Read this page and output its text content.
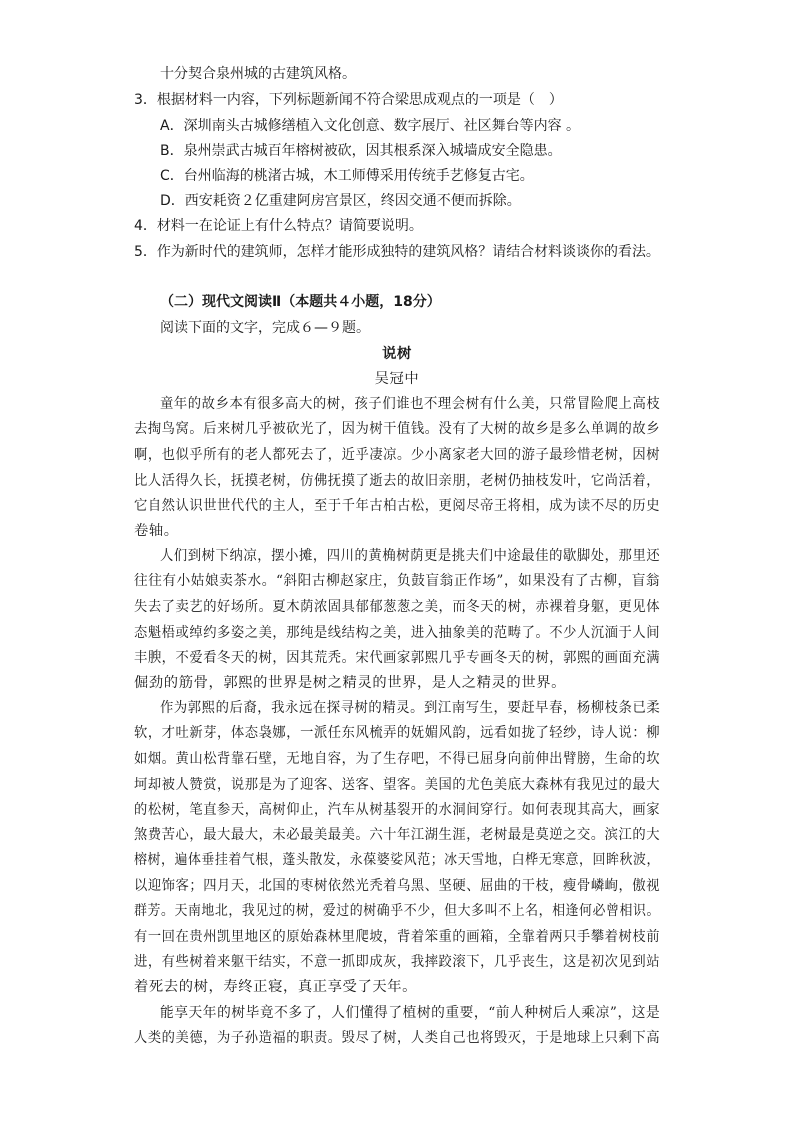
十分契合泉州城的古建筑风格。
3．根据材料一内容，下列标题新闻不符合梁思成观点的一项是（　）
A．深圳南头古城修缮植入文化创意、数字展厅、社区舞台等内容 。
B．泉州崇武古城百年榕树被砍，因其根系深入城墙成安全隐患。
C．台州临海的桃渚古城，木工师傅采用传统手艺修复古宅。
D．西安耗资２亿重建阿房宫景区，终因交通不便而拆除。
4．材料一在论证上有什么特点？请简要说明。
5．作为新时代的建筑师，怎样才能形成独特的建筑风格？请结合材料谈谈你的看法。
（二）现代文阅读Ⅱ（本题共４小题，18分）
阅读下面的文字，完成６—９题。
说树
吴冠中
童年的故乡本有很多高大的树，孩子们谁也不理会树有什么美，只常冒险爬上高枝
去掏鸟窝。后来树几乎被砍光了，因为树干值钱。没有了大树的故乡是多么单调的故乡
啊，也似乎所有的老人都死去了，近乎凄凉。少小离家老大回的游子最珍惜老树，因树
比人活得久长，抚摸老树，仿佛抚摸了逝去的故旧亲朋，老树仍抽枝发叶，它尚活着，
它自然认识世世代代的主人，至于千年古柏古松，更阅尽帝王将相，成为读不尽的历史
卷轴。
人们到树下纳凉，摆小摊，四川的黄桷树荫更是挑夫们中途最佳的歇脚处，那里还
往往有小姑娘卖茶水。“斜阳古柳赵家庄，负鼓盲翁正作场”，如果没有了古柳，盲翁
失去了卖艺的好场所。夏木荫浓固具郁郁葱葱之美，而冬天的树，赤裸着身躯，更见体
态魁梧或绰约多姿之美，那纯是线结构之美，进入抽象美的范畴了。不少人沉湎于人间
丰腴，不爱看冬天的树，因其荒秃。宋代画家郭熙几乎专画冬天的树，郭熙的画面充满
倔劲的筋骨，郭熙的世界是树之精灵的世界，是人之精灵的世界。
作为郭熙的后裔，我永远在探寻树的精灵。到江南写生，要赶早春，杨柳枝条已柔
软，才吐新芽，体态袅娜，一派任东风梳弄的妩媚风韵，远看如拢了轻纱，诗人说：柳
如烟。黄山松背靠石壁，无地自容，为了生存吧，不得已屈身向前伸出臂膀，生命的坎
坷却被人赞赏，说那是为了迎客、送客、望客。美国的尤色美底大森林有我见过的最大
的松树，笔直参天，高树仰止，汽车从树基裂开的水洞间穿行。如何表现其高大，画家
煞费苦心，最大最大，未必最美最美。六十年江湖生涯，老树最是莫逆之交。滨江的大
榕树，遍体垂挂着气根，蓬头散发，永葆婆娑风范；冰天雪地，白桦无寒意，回眸秋波，
以迎饰客；四月天，北国的枣树依然光秃着乌黑、坚硬、屈曲的干枝，瘦骨嶙峋，傲视
群芳。天南地北，我见过的树，爱过的树确乎不少，但大多叫不上名，相逢何必曾相识。
有一回在贵州凯里地区的原始森林里爬坡，背着笨重的画箱，全靠着两只手攀着树枝前
进，有些树着来躯干结实，不意一抓即成灰，我摔跤滚下，几乎丧生，这是初次见到站
着死去的树，寿终正寝，真正享受了天年。
能享天年的树毕竟不多了，人们懂得了植树的重要，“前人种树后人乘凉”，这是
人类的美德，为子孙造福的职责。毁尽了树，人类自己也将毁灭，于是地球上只剩下高
